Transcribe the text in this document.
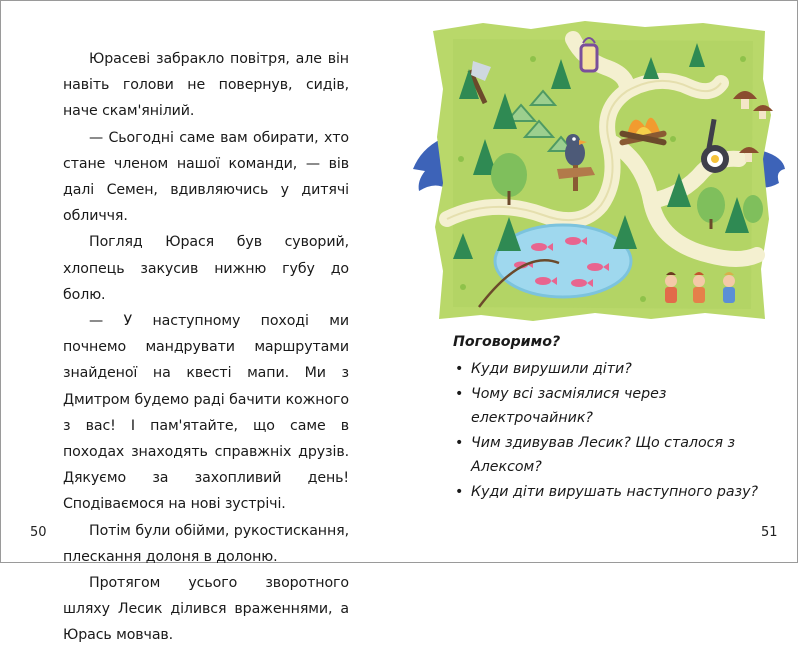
Юрасеві забракло повітря, але він навіть голови не повернув, сидів, наче скам'янілий.

— Сьогодні саме вам обирати, хто стане членом нашої команди, — вів далі Семен, вдивляючись у дитячі обличчя.

Погляд Юрася був суворий, хлопець закусив нижню губу до болю.

— У наступному поході ми почнемо мандрувати маршрутами знайденої на квесті мапи. Ми з Дмитром будемо раді бачити кожного з вас! І пам'ятайте, що саме в походах знаходять справжніх друзів. Дякуємо за захопливий день! Сподіваємося на нові зустрічі.

Потім були обійми, рукостискання, плескання долоня в долоню.

Протягом усього зворотного шляху Лесик ділився враженнями, а Юрась мовчав.

50

Поговоримо?

• Куди вирушили діти?
• Чому всі засміялися через електрочайник?
• Чим здивував Лесик? Що сталося з Алексом?
• Куди діти вирушать наступного разу?
51
